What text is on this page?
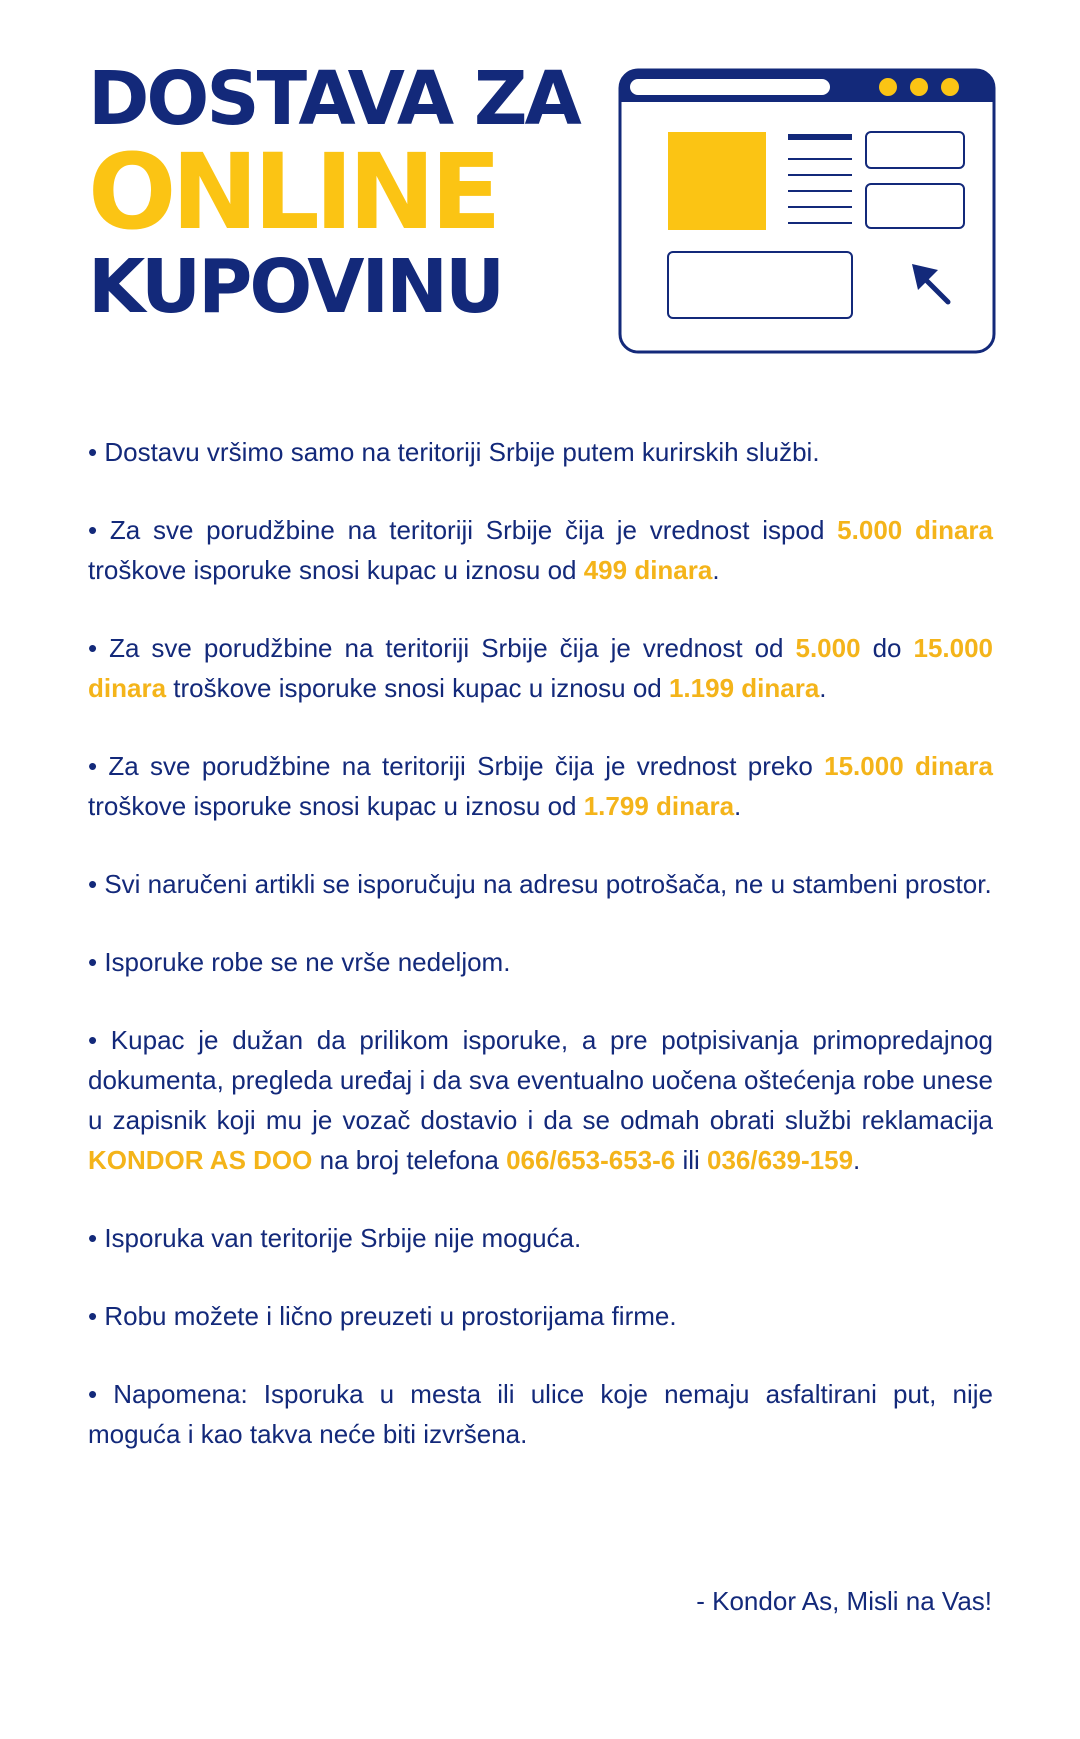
DOSTAVA ZA
ONLINE
KUPOVINU

• Dostavu vršimo samo na teritoriji Srbije putem kurirskih službi.

• Za sve porudžbine na teritoriji Srbije čija je vrednost ispod 5.000 dinara troškove isporuke snosi kupac u iznosu od 499 dinara.

• Za sve porudžbine na teritoriji Srbije čija je vrednost od 5.000 do 15.000 dinara troškove isporuke snosi kupac u iznosu od 1.199 dinara.

• Za sve porudžbine na teritoriji Srbije čija je vrednost preko 15.000 dinara troškove isporuke snosi kupac u iznosu od 1.799 dinara.

• Svi naručeni artikli se isporučuju na adresu potrošača, ne u stambeni prostor.

• Isporuke robe se ne vrše nedeljom.

• Kupac je dužan da prilikom isporuke, a pre potpisivanja primopredajnog dokumenta, pregleda uređaj i da sva eventualno uočena oštećenja robe unese u zapisnik koji mu je vozač dostavio i da se odmah obrati službi reklamacija KONDOR AS DOO na broj telefona 066/653-653-6 ili 036/639-159.

• Isporuka van teritorije Srbije nije moguća.

• Robu možete i lično preuzeti u prostorijama firme.

• Napomena: Isporuka u mesta ili ulice koje nemaju asfaltirani put, nije moguća i kao takva neće biti izvršena.

- Kondor As, Misli na Vas!
